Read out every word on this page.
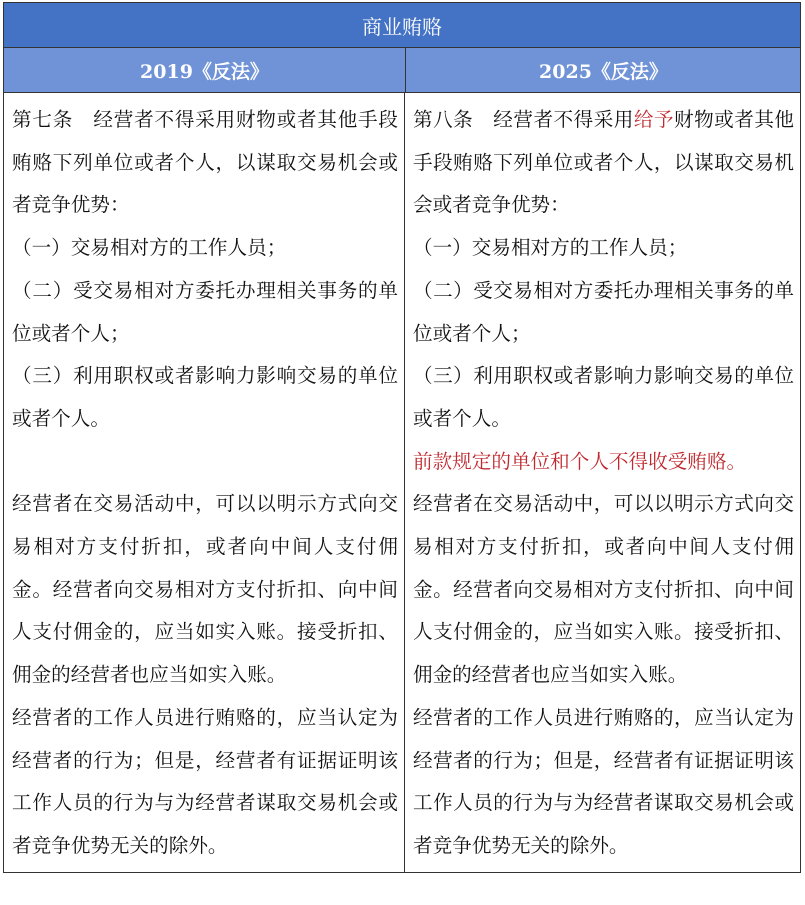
商业贿赂
2019《反法》	2025《反法》

第七条　经营者不得采用财物或者其他手段贿赂下列单位或者个人，以谋取交易机会或者竞争优势：

（一）交易相对方的工作人员；

（二）受交易相对方委托办理相关事务的单位或者个人；

（三）利用职权或者影响力影响交易的单位或者个人。

经营者在交易活动中，可以以明示方式向交易相对方支付折扣，或者向中间人支付佣金。经营者向交易相对方支付折扣、向中间人支付佣金的，应当如实入账。接受折扣、佣金的经营者也应当如实入账。

经营者的工作人员进行贿赂的，应当认定为经营者的行为；但是，经营者有证据证明该工作人员的行为与为经营者谋取交易机会或者竞争优势无关的除外。

第八条　经营者不得采用给予财物或者其他手段贿赂下列单位或者个人，以谋取交易机会或者竞争优势：

（一）交易相对方的工作人员；

（二）受交易相对方委托办理相关事务的单位或者个人；

（三）利用职权或者影响力影响交易的单位或者个人。

前款规定的单位和个人不得收受贿赂。

经营者在交易活动中，可以以明示方式向交易相对方支付折扣，或者向中间人支付佣金。经营者向交易相对方支付折扣、向中间人支付佣金的，应当如实入账。接受折扣、佣金的经营者也应当如实入账。

经营者的工作人员进行贿赂的，应当认定为经营者的行为；但是，经营者有证据证明该工作人员的行为与为经营者谋取交易机会或者竞争优势无关的除外。
